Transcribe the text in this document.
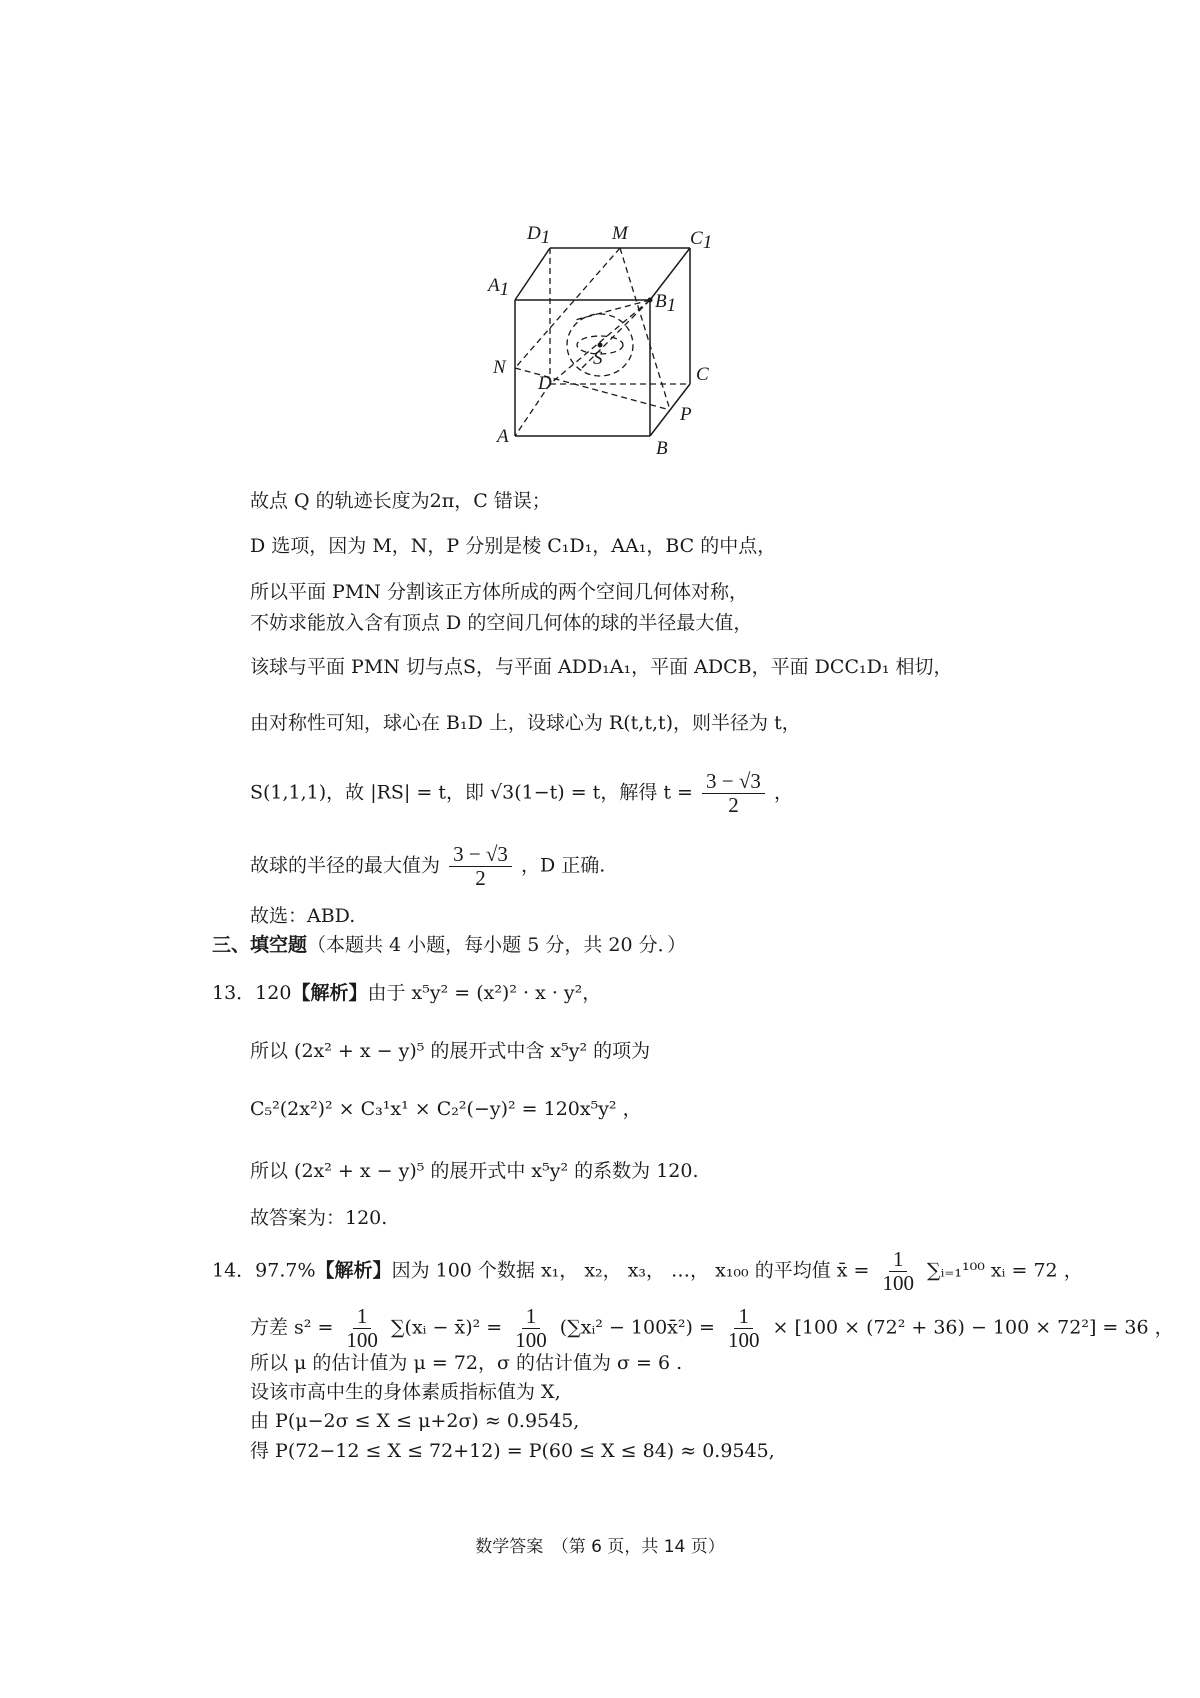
D1	M	C1
A1
B1
S
N
D	C
P
A
B
故点 Q 的轨迹长度为2π，C 错误；
D 选项，因为 M，N，P 分别是棱 C₁D₁，AA₁，BC 的中点，
所以平面 PMN 分割该正方体所成的两个空间几何体对称，
不妨求能放入含有顶点 D 的空间几何体的球的半径最大值，
该球与平面 PMN 切与点S，与平面 ADD₁A₁，平面 ADCB，平面 DCC₁D₁ 相切，
由对称性可知，球心在 B₁D 上，设球心为 R(t,t,t)，则半径为 t，
S(1,1,1)，故 |RS| = t，即 √3(1−t) = t，解得 $t = \frac{3 - √3}{2}$ ，
故球的半径的最大值为 $\frac{3 - √3}{2}$ ，D 正确.
故选：ABD.
三、填空题（本题共 4 小题，每小题 5 分，共 20 分．）
13．120【解析】由于 x⁵y² = (x²)² · x · y²，
所以 (2x² + x − y)⁵ 的展开式中含 x⁵y² 的项为
C₅²(2x²)² × C₃¹x¹ × C₂²(−y)² = 120x⁵y² ，
所以 (2x² + x − y)⁵ 的展开式中 x⁵y² 的系数为 120.
故答案为：120.
14．97.7%【解析】因为 100 个数据 x₁， x₂， x₃， …， x₁₀₀ 的平均值 x̄ = $\frac{1}{100}$ ∑ᵢ₌₁¹⁰⁰ xᵢ = 72 ，
方差 $s^2 = \frac{1}{100}$ ∑(xᵢ − x̄)² = $\frac{1}{100}$ (∑xᵢ² − 100x̄²) = $\frac{1}{100} \times [100 \times (72^2 + 36) - 100 \times 72^2] = 36$ ，
所以 μ 的估计值为 μ = 72，σ 的估计值为 σ = 6 .
设该市高中生的身体素质指标值为 X,
由 P(μ−2σ ≤ X ≤ μ+2σ) ≈ 0.9545,
得 P(72−12 ≤ X ≤ 72+12) = P(60 ≤ X ≤ 84) ≈ 0.9545,
数学答案　（第 6 页，共 14 页）
